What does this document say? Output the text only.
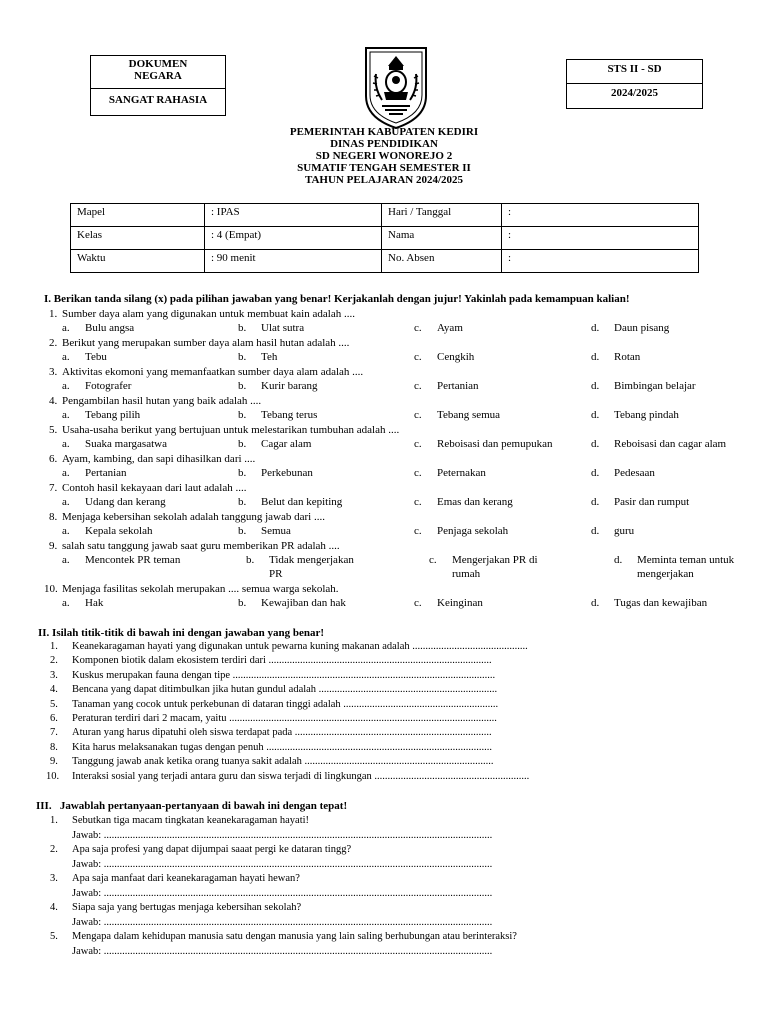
DOKUMEN
NEGARA
SANGAT RAHASIA
STS II - SD
2024/2025
PEMERINTAH KABUPATEN KEDIRI
DINAS PENDIDIKAN
SD NEGERI WONOREJO 2
SUMATIF TENGAH SEMESTER II
TAHUN PELAJARAN 2024/2025
Mapel	: IPAS	Hari / Tanggal	:
Kelas	: 4 (Empat)	Nama	:
Waktu	: 90 menit	No. Absen	:
I. Berikan tanda silang (x) pada pilihan jawaban yang benar! Kerjakanlah dengan jujur! Yakinlah pada kemampuan kalian!
1. Sumber daya alam yang digunakan untuk membuat kain adalah ....
a. Bulu angsa	b. Ulat sutra	c. Ayam	d. Daun pisang
2. Berikut yang merupakan sumber daya alam hasil hutan adalah ....
a. Tebu	b. Teh	c. Cengkih	d. Rotan
3. Aktivitas ekomoni yang memanfaatkan sumber daya alam adalah ....
a. Fotografer	b. Kurir barang	c. Pertanian	d. Bimbingan belajar
4. Pengambilan hasil hutan yang baik adalah ....
a. Tebang pilih	b. Tebang terus	c. Tebang semua	d. Tebang pindah
5. Usaha-usaha berikut yang bertujuan untuk melestarikan tumbuhan adalah ....
a. Suaka margasatwa	b. Cagar alam	c. Reboisasi dan pemupukan	d. Reboisasi dan cagar alam
6. Ayam, kambing, dan sapi dihasilkan dari ....
a. Pertanian	b. Perkebunan	c. Peternakan	d. Pedesaan
7. Contoh hasil kekayaan dari laut adalah ....
a. Udang dan kerang	b. Belut dan kepiting	c. Emas dan kerang	d. Pasir dan rumput
8. Menjaga kebersihan sekolah adalah tanggung jawab dari ....
a. Kepala sekolah	b. Semua	c. Penjaga sekolah	d. guru
9. salah satu tanggung jawab saat guru memberikan PR adalah ....
a. Mencontek PR teman	b. Tidak mengerjakan
PR
c. Mengerjakan PR di
rumah
d. Meminta teman untuk
mengerjakan
10. Menjaga fasilitas sekolah merupakan .... semua warga sekolah.
a. Hak	b. Kewajiban dan hak	c. Keinginan	d. Tugas dan kewajiban
II. Isilah titik-titik di bawah ini dengan jawaban yang benar!
1. Keanekaragaman hayati yang digunakan untuk pewarna kuning makanan adalah ............................................
2. Komponen biotik dalam ekosistem terdiri dari .....................................................................................
3. Kuskus merupakan fauna dengan tipe ....................................................................................................
4. Bencana yang dapat ditimbulkan jika hutan gundul adalah ....................................................................
5. Tanaman yang cocok untuk perkebunan di dataran tinggi adalah ...........................................................
6. Peraturan terdiri dari 2 macam, yaitu ......................................................................................................
7. Aturan yang harus dipatuhi oleh siswa terdapat pada ...........................................................................
8. Kita harus melaksanakan tugas dengan penuh ......................................................................................
9. Tanggung jawab anak ketika orang tuanya sakit adalah ........................................................................
10. Interaksi sosial yang terjadi antara guru dan siswa terjadi di lingkungan ...........................................................
III.   Jawablah pertanyaan-pertanyaan di bawah ini dengan tepat!
1. Sebutkan tiga macam tingkatan keanekaragaman hayati!
Jawab: ....................................................................................................................................................
2. Apa saja profesi yang dapat dijumpai saaat pergi ke dataran tingg?
Jawab: ....................................................................................................................................................
3. Apa saja manfaat dari keanekaragaman hayati hewan?
Jawab: ....................................................................................................................................................
4. Siapa saja yang bertugas menjaga kebersihan sekolah?
Jawab: ....................................................................................................................................................
5. Mengapa dalam kehidupan manusia satu dengan manusia yang lain saling berhubungan atau berinteraksi?
Jawab: ....................................................................................................................................................
